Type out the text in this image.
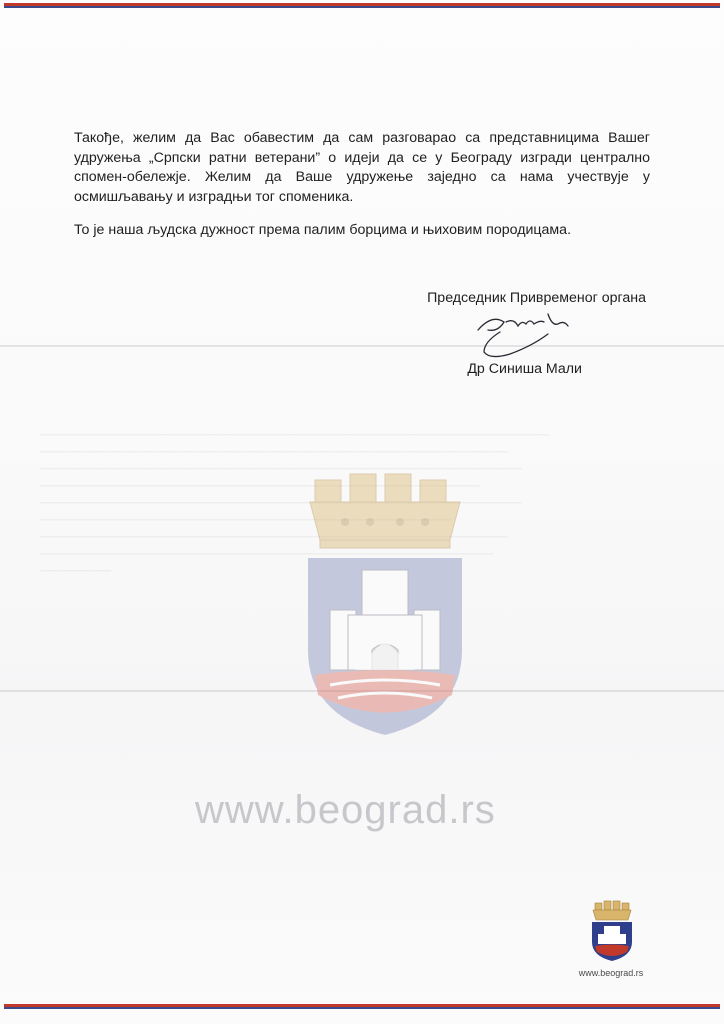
────────────────────────────────────────────────────────────────────────
──────────────────────────────────────────────────────────────────
────────────────────────────────────────────────────────────────────
──────────────────────────────────────────────────────────────
────────────────────────────────────────────────────────────────────
──────────────────────────────────────────────────────────
──────────────────────────────────────────────────────────────────
────────────────────────────────────────────────────────────────
──────────

www.beograd.rs

Такође, желим да Вас обавестим да сам разговарао са представницима Вашег удружења „Српски ратни ветерани” о идеји да се у Београду изгради централно спомен-обележје. Желим да Ваше удружење заједно са нама учествује у осмишљавању и изградњи тог споменика.

То је наша људска дужност према палим борцима и њиховим породицама.

Председник Привременог органа
Др Синиша Мали
www.beograd.rs
